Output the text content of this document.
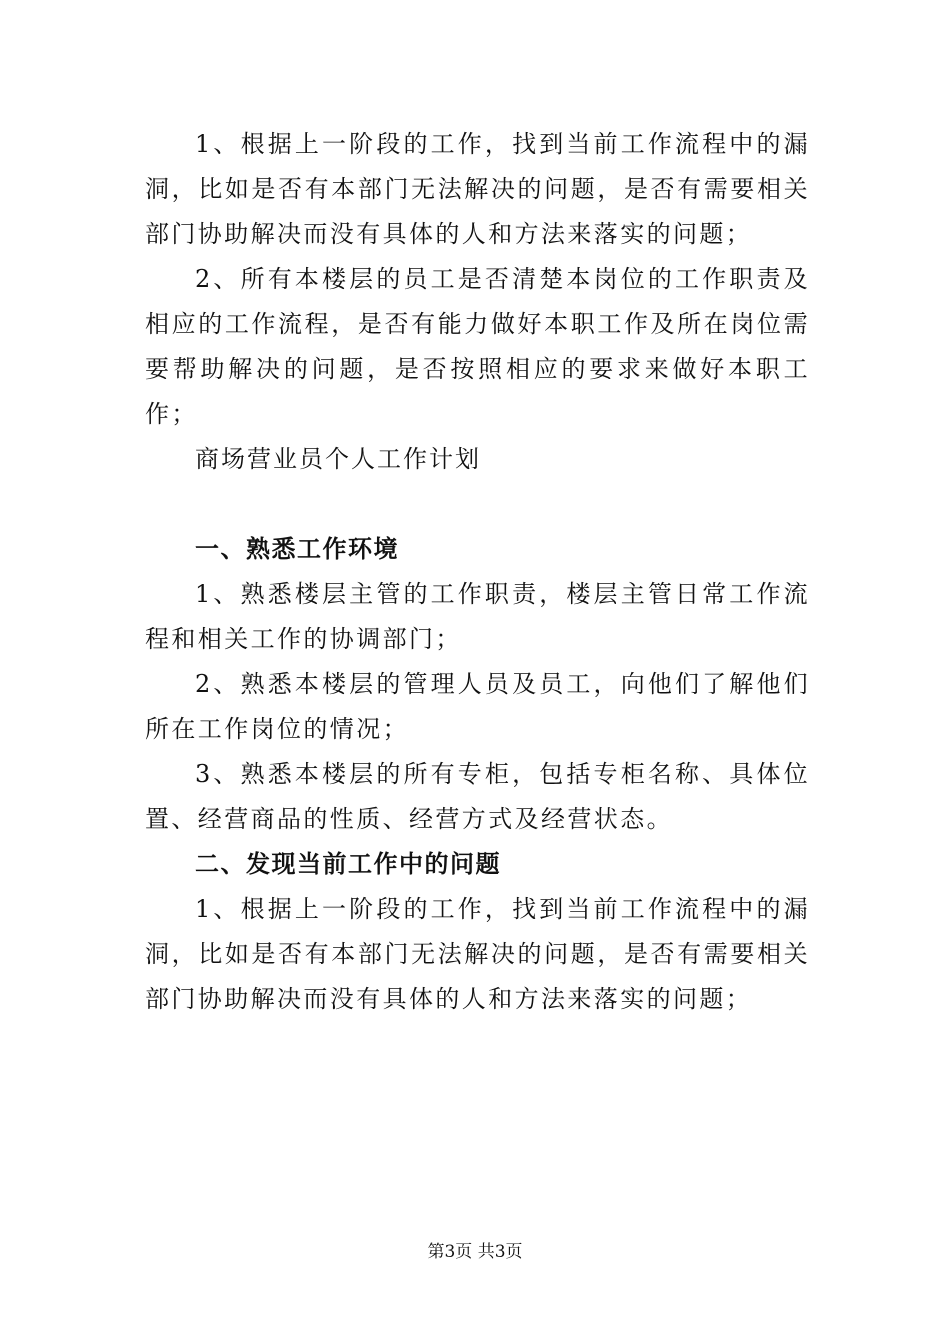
1、根据上一阶段的工作，找到当前工作流程中的漏洞，比如是否有本部门无法解决的问题，是否有需要相关部门协助解决而没有具体的人和方法来落实的问题；

2、所有本楼层的员工是否清楚本岗位的工作职责及相应的工作流程，是否有能力做好本职工作及所在岗位需要帮助解决的问题，是否按照相应的要求来做好本职工作；

商场营业员个人工作计划

一、熟悉工作环境

1、熟悉楼层主管的工作职责，楼层主管日常工作流程和相关工作的协调部门；

2、熟悉本楼层的管理人员及员工，向他们了解他们所在工作岗位的情况；

3、熟悉本楼层的所有专柜，包括专柜名称、具体位置、经营商品的性质、经营方式及经营状态。

二、发现当前工作中的问题

1、根据上一阶段的工作，找到当前工作流程中的漏洞，比如是否有本部门无法解决的问题，是否有需要相关部门协助解决而没有具体的人和方法来落实的问题；

第3页 共3页
